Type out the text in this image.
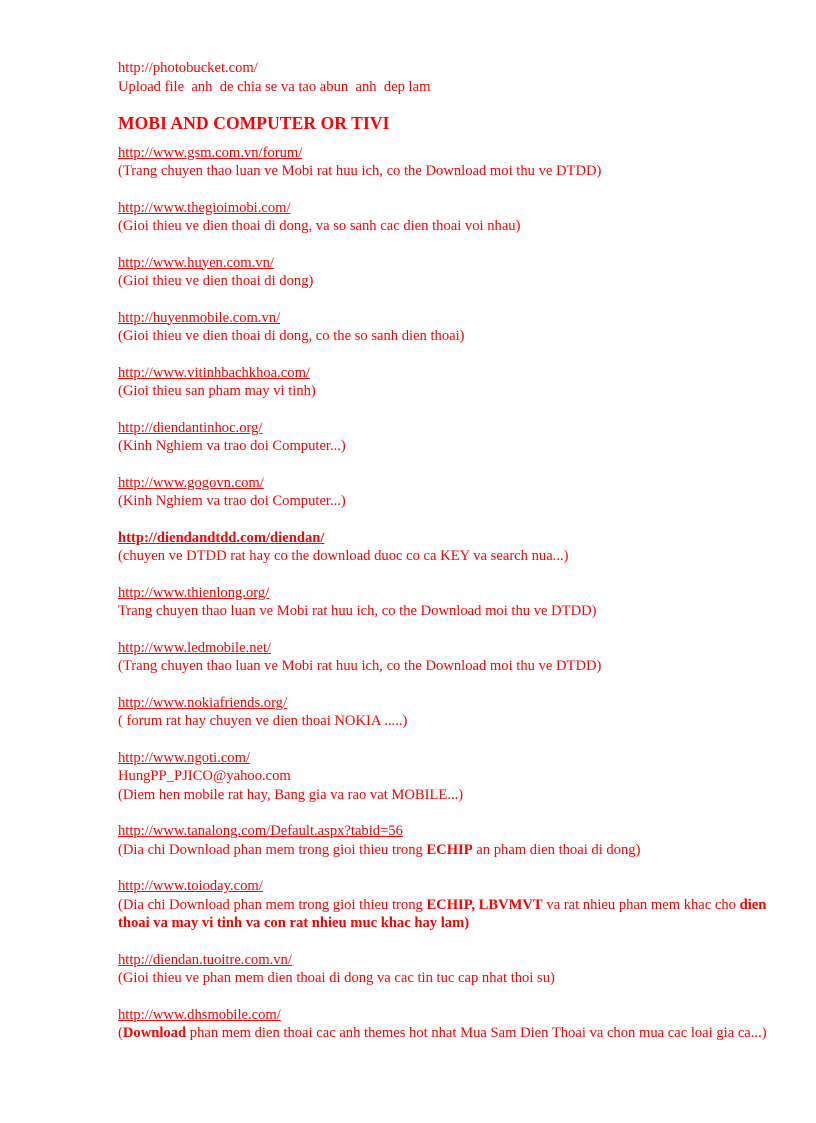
http://photobucket.com/
Upload file  anh  de chia se va tao abun  anh  dep lam
MOBI AND COMPUTER OR TIVI
http://www.gsm.com.vn/forum/
(Trang chuyen thao luan ve Mobi rat huu ich, co the Download moi thu ve DTDD)
http://www.thegioimobi.com/
(Gioi thieu ve dien thoai di dong, va so sanh cac dien thoai voi nhau)
http://www.huyen.com.vn/
(Gioi thieu ve dien thoai di dong)
http://huyenmobile.com.vn/
(Gioi thieu ve dien thoai di dong, co the so sanh dien thoai)
http://www.vitinhbachkhoa.com/
(Gioi thieu san pham may vi tinh)
http://diendantinhoc.org/
(Kinh Nghiem va trao doi Computer...)
http://www.gogovn.com/
(Kinh Nghiem va trao doi Computer...)
http://diendandtdd.com/diendan/
(chuyen ve DTDD rat hay co the download duoc co ca KEY va search nua...)
http://www.thienlong.org/
Trang chuyen thao luan ve Mobi rat huu ich, co the Download moi thu ve DTDD)
http://www.ledmobile.net/
(Trang chuyen thao luan ve Mobi rat huu ich, co the Download moi thu ve DTDD)
http://www.nokiafriends.org/
( forum rat hay chuyen ve dien thoai NOKIA .....)
http://www.ngoti.com/
HungPP_PJICO@yahoo.com
(Diem hen mobile rat hay, Bang gia va rao vat MOBILE...)
http://www.tanalong.com/Default.aspx?tabid=56
(Dia chi Download phan mem trong gioi thieu trong ECHIP an pham dien thoai di dong)
http://www.toioday.com/
(Dia chi Download phan mem trong gioi thieu trong ECHIP, LBVMVT va rat nhieu phan mem khac cho dien thoai va may vi tinh va con rat nhieu muc khac hay lam)
http://diendan.tuoitre.com.vn/
(Gioi thieu ve phan mem dien thoai di dong va cac tin tuc cap nhat thoi su)
http://www.dhsmobile.com/
(Download phan mem dien thoai cac anh themes hot nhat Mua Sam Dien Thoai va chon mua cac loai gia ca...)
